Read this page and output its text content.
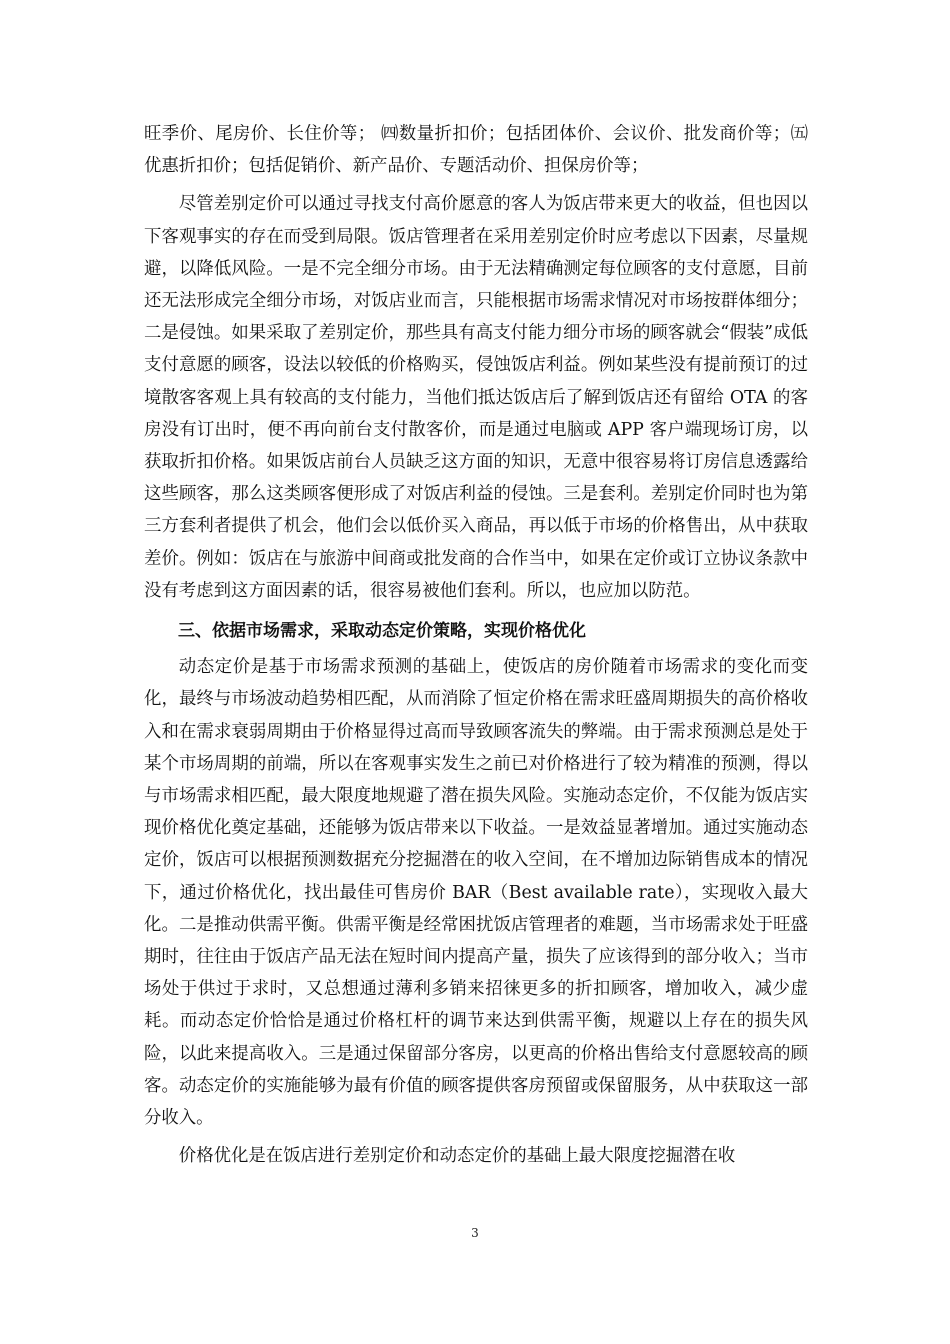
旺季价、尾房价、长住价等； ㈣数量折扣价；包括团体价、会议价、批发商价等；㈤优惠折扣价；包括促销价、新产品价、专题活动价、担保房价等；

尽管差别定价可以通过寻找支付高价愿意的客人为饭店带来更大的收益，但也因以下客观事实的存在而受到局限。饭店管理者在采用差别定价时应考虑以下因素，尽量规避，以降低风险。一是不完全细分市场。由于无法精确测定每位顾客的支付意愿，目前还无法形成完全细分市场，对饭店业而言，只能根据市场需求情况对市场按群体细分；二是侵蚀。如果采取了差别定价，那些具有高支付能力细分市场的顾客就会“假装”成低支付意愿的顾客，设法以较低的价格购买，侵蚀饭店利益。例如某些没有提前预订的过境散客客观上具有较高的支付能力，当他们抵达饭店后了解到饭店还有留给 OTA 的客房没有订出时，便不再向前台支付散客价，而是通过电脑或 APP 客户端现场订房，以获取折扣价格。如果饭店前台人员缺乏这方面的知识，无意中很容易将订房信息透露给这些顾客，那么这类顾客便形成了对饭店利益的侵蚀。三是套利。差别定价同时也为第三方套利者提供了机会，他们会以低价买入商品，再以低于市场的价格售出，从中获取差价。例如：饭店在与旅游中间商或批发商的合作当中，如果在定价或订立协议条款中没有考虑到这方面因素的话，很容易被他们套利。所以，也应加以防范。

三、依据市场需求，采取动态定价策略，实现价格优化

动态定价是基于市场需求预测的基础上，使饭店的房价随着市场需求的变化而变化，最终与市场波动趋势相匹配，从而消除了恒定价格在需求旺盛周期损失的高价格收入和在需求衰弱周期由于价格显得过高而导致顾客流失的弊端。由于需求预测总是处于某个市场周期的前端，所以在客观事实发生之前已对价格进行了较为精准的预测，得以与市场需求相匹配，最大限度地规避了潜在损失风险。实施动态定价，不仅能为饭店实现价格优化奠定基础，还能够为饭店带来以下收益。一是效益显著增加。通过实施动态定价，饭店可以根据预测数据充分挖掘潜在的收入空间，在不增加边际销售成本的情况下，通过价格优化，找出最佳可售房价 BAR（Best available rate），实现收入最大化。二是推动供需平衡。供需平衡是经常困扰饭店管理者的难题，当市场需求处于旺盛期时，往往由于饭店产品无法在短时间内提高产量，损失了应该得到的部分收入；当市场处于供过于求时，又总想通过薄利多销来招徕更多的折扣顾客，增加收入，减少虚耗。而动态定价恰恰是通过价格杠杆的调节来达到供需平衡，规避以上存在的损失风险，以此来提高收入。三是通过保留部分客房，以更高的价格出售给支付意愿较高的顾客。动态定价的实施能够为最有价值的顾客提供客房预留或保留服务，从中获取这一部分收入。

价格优化是在饭店进行差别定价和动态定价的基础上最大限度挖掘潜在收

3
